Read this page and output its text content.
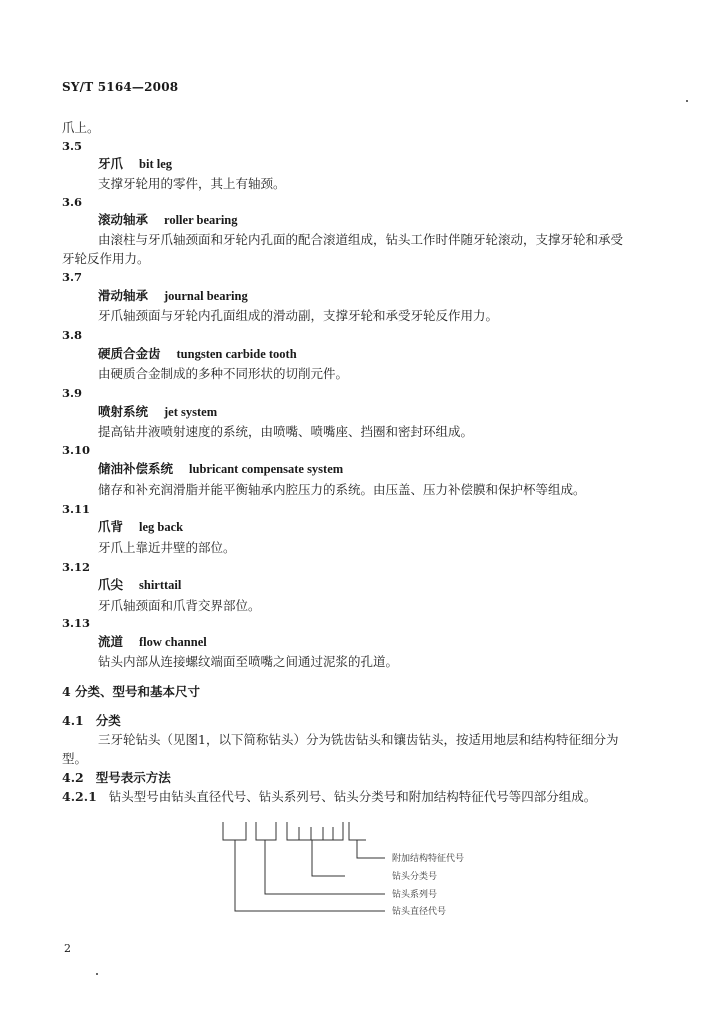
SY/T 5164—2008
爪上。
3.5
牙爪 bit leg
支撑牙轮用的零件，其上有轴颈。
3.6
滚动轴承 roller bearing
由滚柱与牙爪轴颈面和牙轮内孔面的配合滚道组成，钻头工作时伴随牙轮滚动，支撑牙轮和承受
牙轮反作用力。
3.7
滑动轴承 journal bearing
牙爪轴颈面与牙轮内孔面组成的滑动副，支撑牙轮和承受牙轮反作用力。
3.8
硬质合金齿 tungsten carbide tooth
由硬质合金制成的多种不同形状的切削元件。
3.9
喷射系统 jet system
提高钻井液喷射速度的系统，由喷嘴、喷嘴座、挡圈和密封环组成。
3.10
储油补偿系统 lubricant compensate system
储存和补充润滑脂并能平衡轴承内腔压力的系统。由压盖、压力补偿膜和保护杯等组成。
3.11
爪背 leg back
牙爪上靠近井壁的部位。
3.12
爪尖 shirttail
牙爪轴颈面和爪背交界部位。
3.13
流道 flow channel
钻头内部从连接螺纹端面至喷嘴之间通过泥浆的孔道。
4 分类、型号和基本尺寸
4.1 分类
三牙轮钻头（见图1，以下简称钻头）分为铣齿钻头和镶齿钻头，按适用地层和结构特征细分为
型。
4.2 型号表示方法
4.2.1 钻头型号由钻头直径代号、钻头系列号、钻头分类号和附加结构特征代号等四部分组成。
附加结构特征代号
钻头分类号
钻头系列号
钻头直径代号
2
